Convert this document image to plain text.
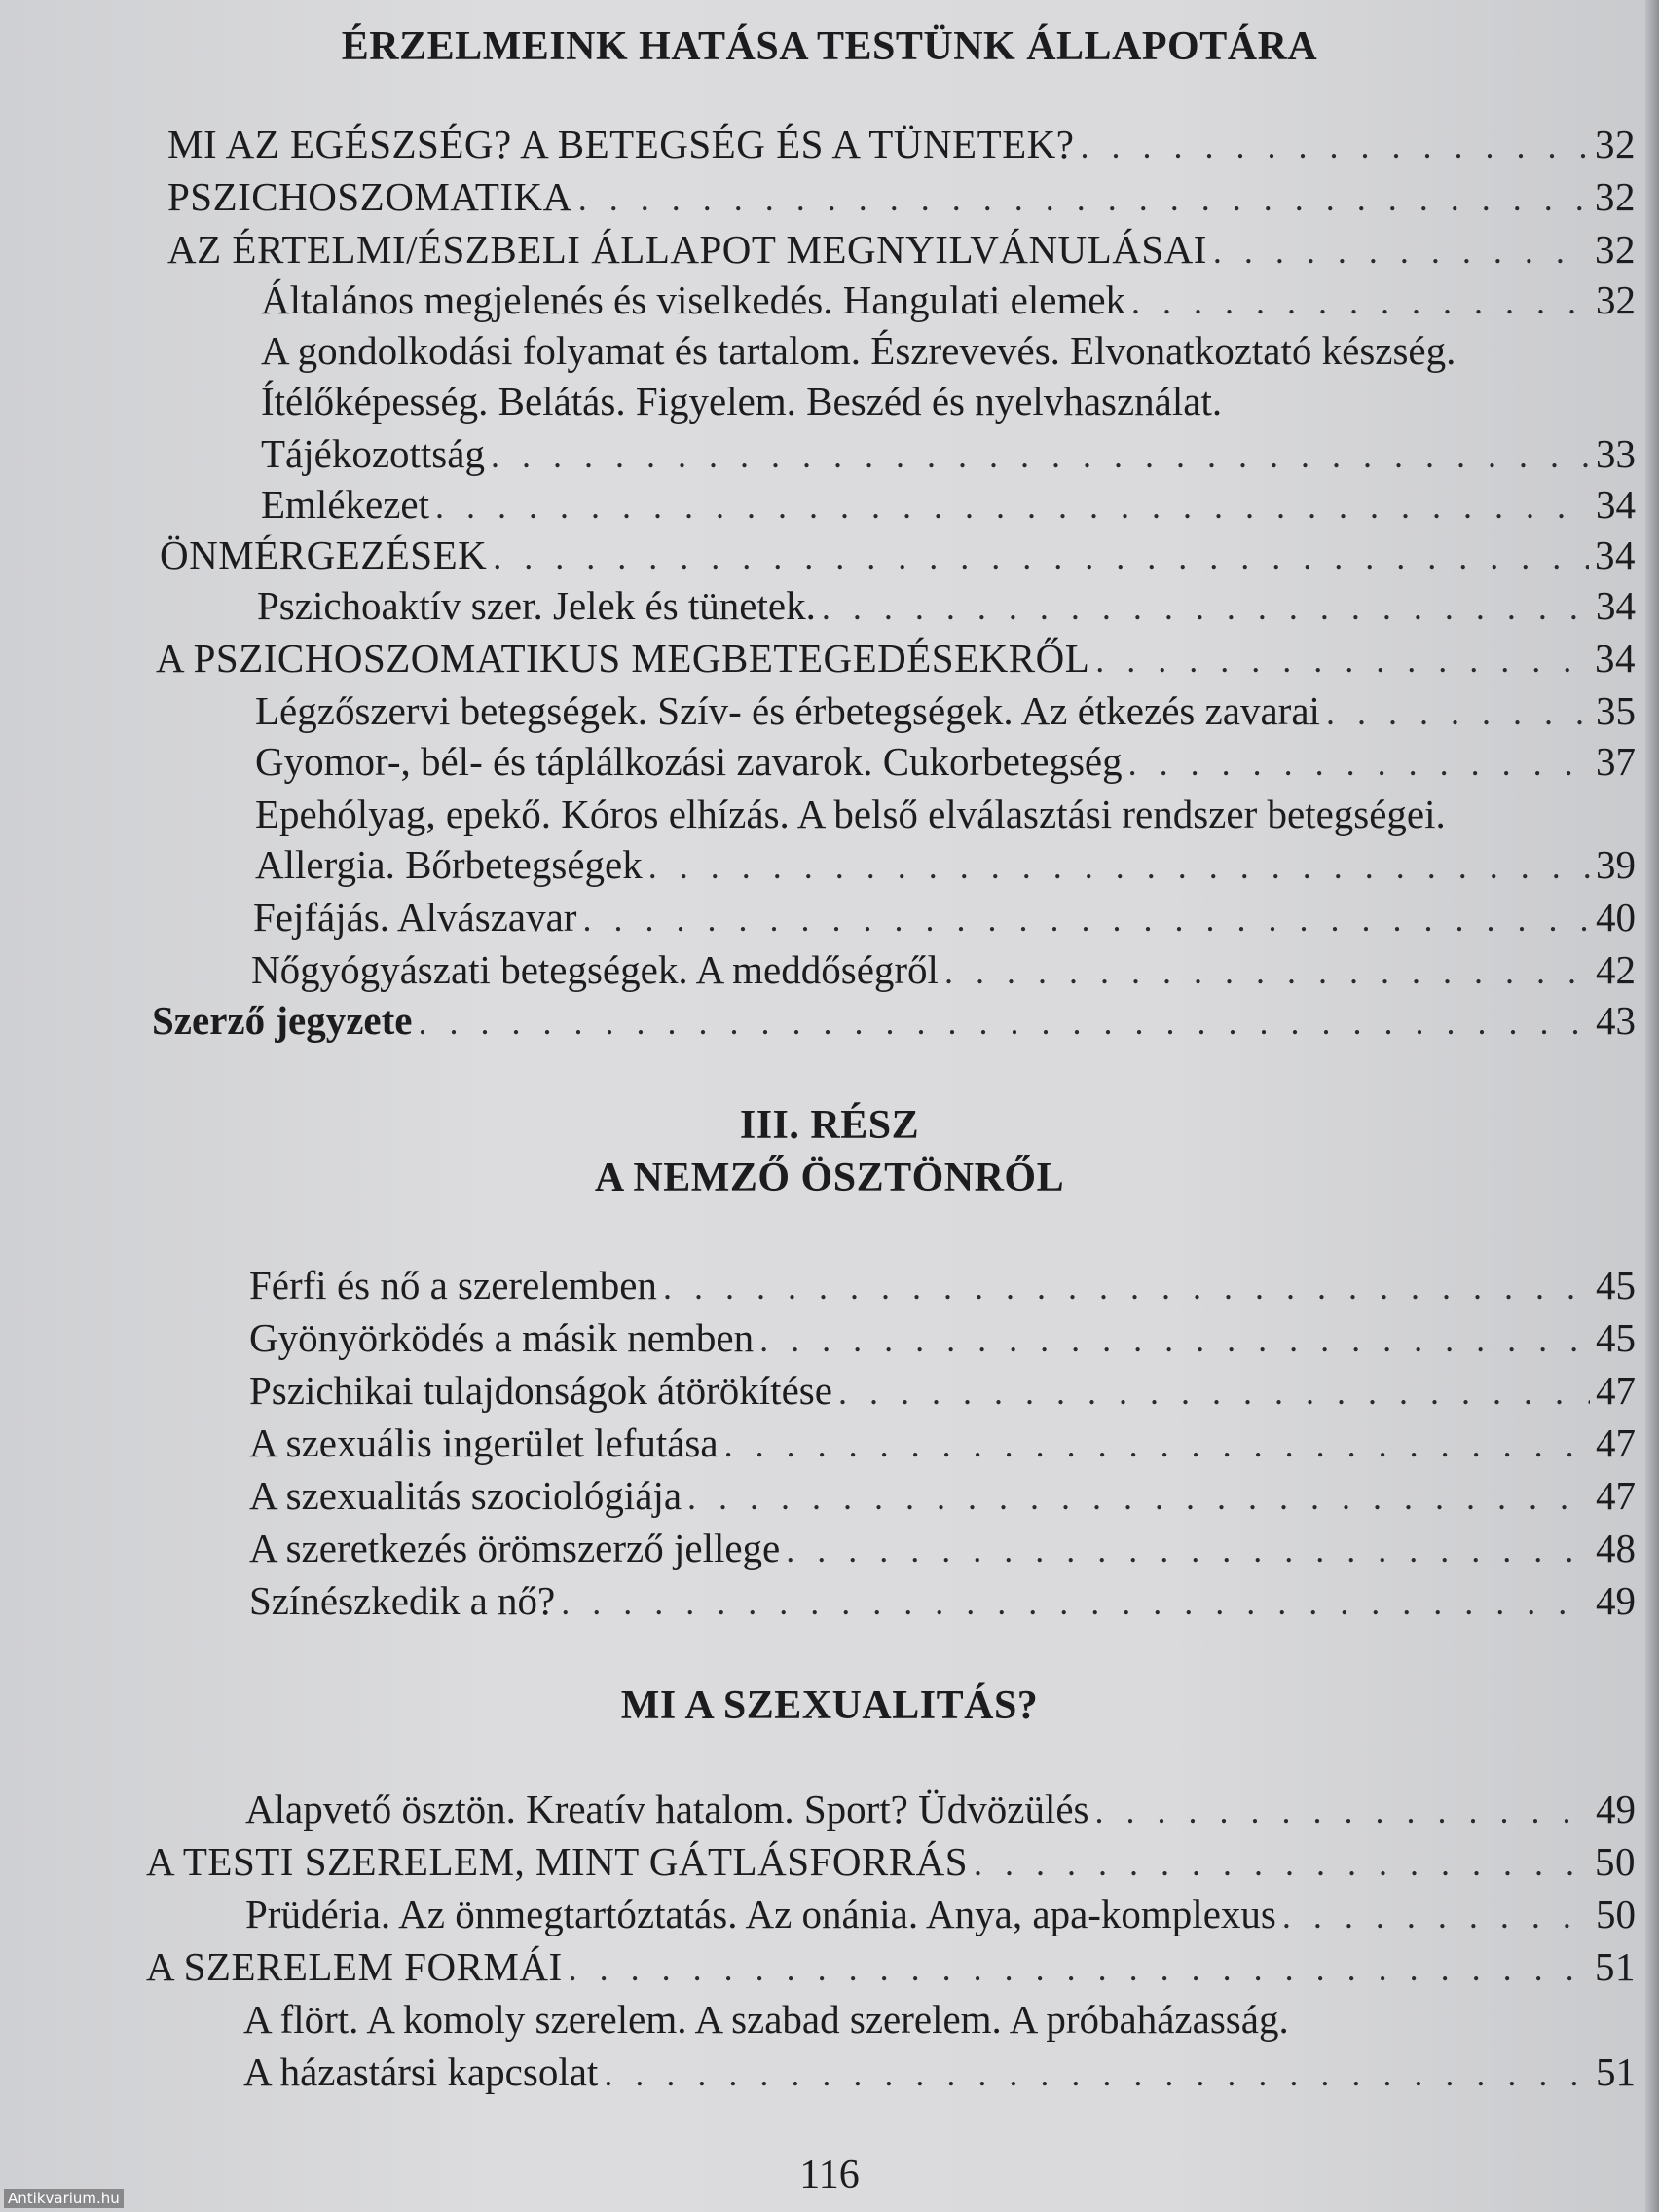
ÉRZELMEINK HATÁSA TESTÜNK ÁLLAPOTÁRA
MI AZ EGÉSZSÉG? A BETEGSÉG ÉS A TÜNETEK? . . .	32
PSZICHOSZOMATIKA . . .	32
AZ ÉRTELMI/ÉSZBELI ÁLLAPOT MEGNYILVÁNULÁSAI . . .	32
Általános megjelenés és viselkedés. Hangulati elemek . . .	32
A gondolkodási folyamat és tartalom. Észrevevés. Elvonatkoztató készség.
Ítélőképesség. Belátás. Figyelem. Beszéd és nyelvhasználat.
Tájékozottság . . .	33
Emlékezet . . .	34
ÖNMÉRGEZÉSEK . . .	34
Pszichoaktív szer. Jelek és tünetek. . . .	34
A PSZICHOSZOMATIKUS MEGBETEGEDÉSEKRŐL . . .	34
Légzőszervi betegségek. Szív- és érbetegségek. Az étkezés zavarai . . .	35
Gyomor-, bél- és táplálkozási zavarok. Cukorbetegség . . .	37
Epehólyag, epekő. Kóros elhízás. A belső elválasztási rendszer betegségei.
Allergia. Bőrbetegségek . . .	39
Fejfájás. Alvászavar . . .	40
Nőgyógyászati betegségek. A meddőségről . . .	42
Szerző jegyzete . . .	43
III. RÉSZ
A NEMZŐ ÖSZTÖNRŐL
Férfi és nő a szerelemben . . .	45
Gyönyörködés a másik nemben . . .	45
Pszichikai tulajdonságok átörökítése . . .	47
A szexuális ingerület lefutása . . .	47
A szexualitás szociológiája . . .	47
A szeretkezés örömszerző jellege . . .	48
Színészkedik a nő? . . .	49
MI A SZEXUALITÁS?
Alapvető ösztön. Kreatív hatalom. Sport? Üdvözülés . . .	49
A TESTI SZERELEM, MINT GÁTLÁSFORRÁS . . .	50
Prüdéria. Az önmegtartóztatás. Az onánia. Anya, apa-komplexus . . .	50
A SZERELEM FORMÁI . . .	51
A flört. A komoly szerelem. A szabad szerelem. A próbaházasság.
A házastársi kapcsolat . . .	51
116
Antikvarium.hu
